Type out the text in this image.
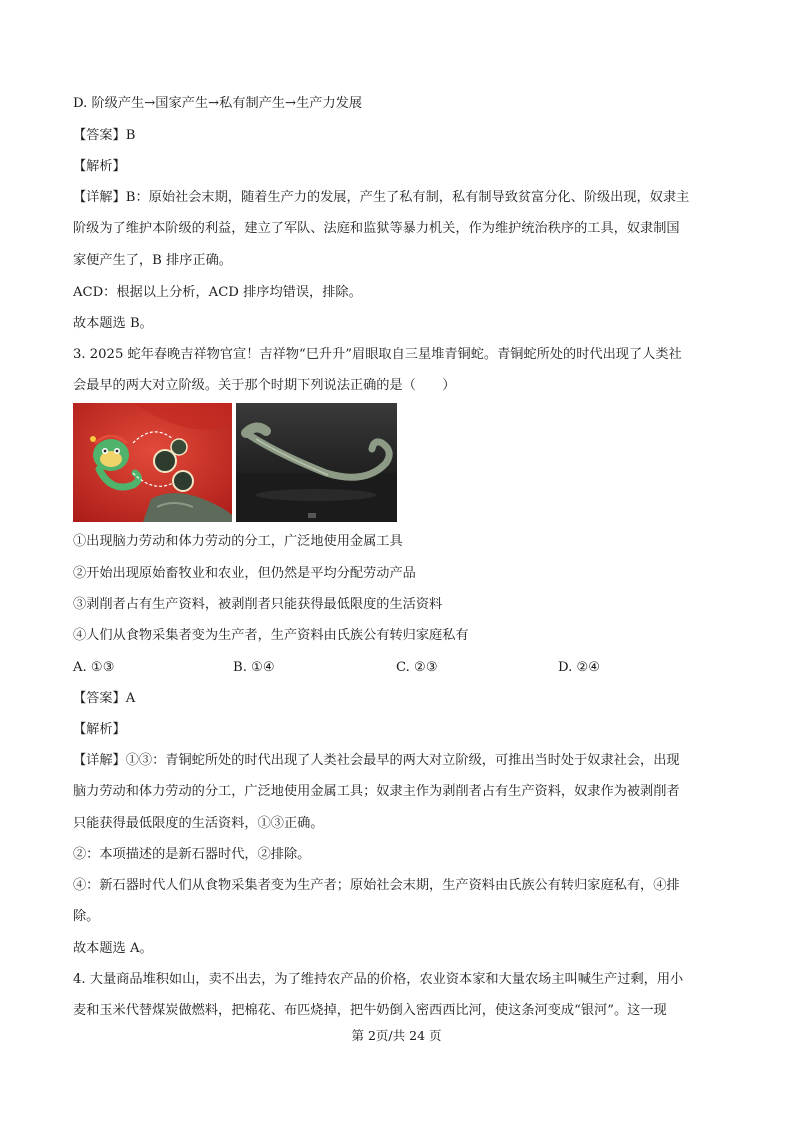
D. 阶级产生→国家产生→私有制产生→生产力发展
【答案】B
【解析】
【详解】B：原始社会末期，随着生产力的发展，产生了私有制，私有制导致贫富分化、阶级出现，奴隶主
阶级为了维护本阶级的利益，建立了军队、法庭和监狱等暴力机关，作为维护统治秩序的工具，奴隶制国
家便产生了，B 排序正确。
ACD：根据以上分析，ACD 排序均错误，排除。
故本题选 B。
3. 2025 蛇年春晚吉祥物官宣！吉祥物“巳升升”眉眼取自三星堆青铜蛇。青铜蛇所处的时代出现了人类社
会最早的两大对立阶级。关于那个时期下列说法正确的是（　　）
①出现脑力劳动和体力劳动的分工，广泛地使用金属工具
②开始出现原始畜牧业和农业，但仍然是平均分配劳动产品
③剥削者占有生产资料，被剥削者只能获得最低限度的生活资料
④人们从食物采集者变为生产者，生产资料由氏族公有转归家庭私有
A. ①③	B. ①④	C. ②③	D. ②④
【答案】A
【解析】
【详解】①③：青铜蛇所处的时代出现了人类社会最早的两大对立阶级，可推出当时处于奴隶社会，出现
脑力劳动和体力劳动的分工，广泛地使用金属工具；奴隶主作为剥削者占有生产资料，奴隶作为被剥削者
只能获得最低限度的生活资料，①③正确。
②：本项描述的是新石器时代，②排除。
④：新石器时代人们从食物采集者变为生产者；原始社会末期，生产资料由氏族公有转归家庭私有，④排
除。
故本题选 A。
4. 大量商品堆积如山，卖不出去，为了维持农产品的价格，农业资本家和大量农场主叫喊生产过剩，用小
麦和玉米代替煤炭做燃料，把棉花、布匹烧掉，把牛奶倒入密西西比河，使这条河变成“银河”。这一现
第 2页/共 24 页
